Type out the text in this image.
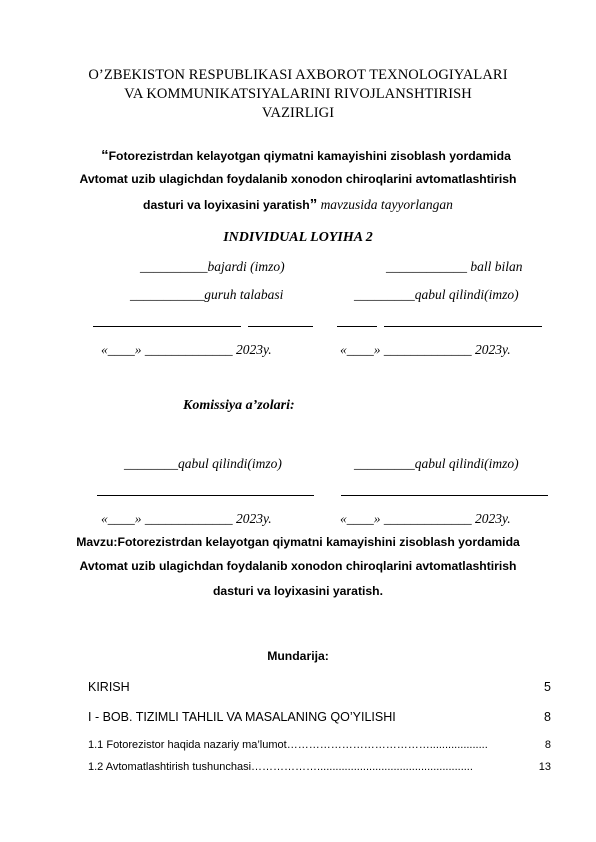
O’ZBEKISTON RESPUBLIKASI AXBOROT TEXNOLOGIYALARI
VA KOMMUNIKATSIYALARINI RIVOJLANSHTIRISH
VAZIRLIGI
“Fotorezistrdan kelayotgan qiymatni kamayishini zisoblash yordamida
Avtomat uzib ulagichdan foydalanib xonodon chiroqlarini avtomatlashtirish
dasturi va loyixasini yaratish” mavzusida tayyorlangan
INDIVIDUAL LOYIHA 2
__________bajardi (imzo)	____________ ball bilan
___________guruh talabasi	_________qabul qilindi(imzo)
«____» _____________ 2023y.	«____» _____________ 2023y.
Komissiya a’zolari:
________qabul qilindi(imzo)	_________qabul qilindi(imzo)
«____» _____________ 2023y.	«____» _____________ 2023y.
Mavzu:Fotorezistrdan kelayotgan qiymatni kamayishini zisoblash yordamida
Avtomat uzib ulagichdan foydalanib xonodon chiroqlarini avtomatlashtirish
dasturi va loyixasini yaratish.
Mundarija:
KIRISH	5
I - BOB. TIZIMLI TAHLIL VA MASALANING QO’YILISHI	8
1.1 Fotorezistor haqida nazariy ma’lumot…………………………………...................	8
1.2 Avtomatlashtirish tushunchasi………………...................................................	13
